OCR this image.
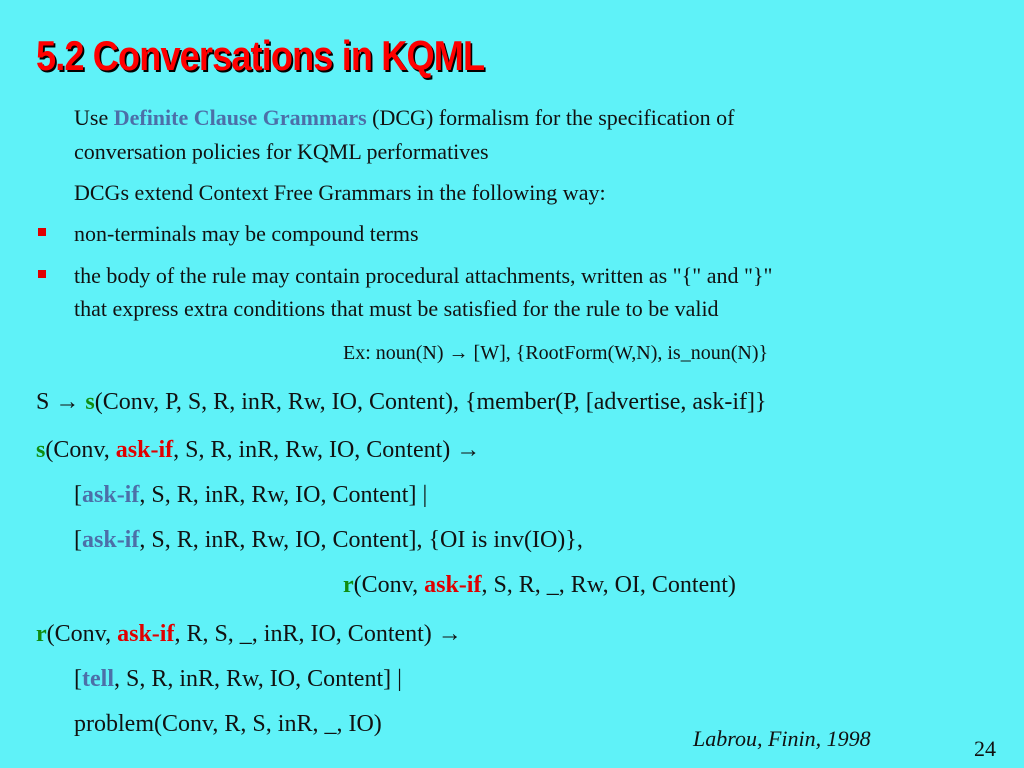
5.2 Conversations in KQML

Use Definite Clause Grammars (DCG) formalism for the specification of

conversation policies for KQML performatives

DCGs extend Context Free Grammars in the following way:

non-terminals may be compound terms

the body of the rule may contain procedural attachments, written as "{" and "}"

that express extra conditions that must be satisfied for the rule to be valid

Ex: noun(N) → [W], {RootForm(W,N), is_noun(N)}

S → s(Conv, P, S, R, inR, Rw, IO, Content), {member(P, [advertise, ask-if]}

s(Conv, ask-if, S, R, inR, Rw, IO, Content) →

[ask-if, S, R, inR, Rw, IO, Content] |

[ask-if, S, R, inR, Rw, IO, Content], {OI is inv(IO)},

r(Conv, ask-if, S, R, _, Rw, OI, Content)

r(Conv, ask-if, R, S, _, inR, IO, Content) →

[tell, S, R, inR, Rw, IO, Content] |

problem(Conv, R, S, inR, _, IO)

Labrou, Finin, 1998	24
